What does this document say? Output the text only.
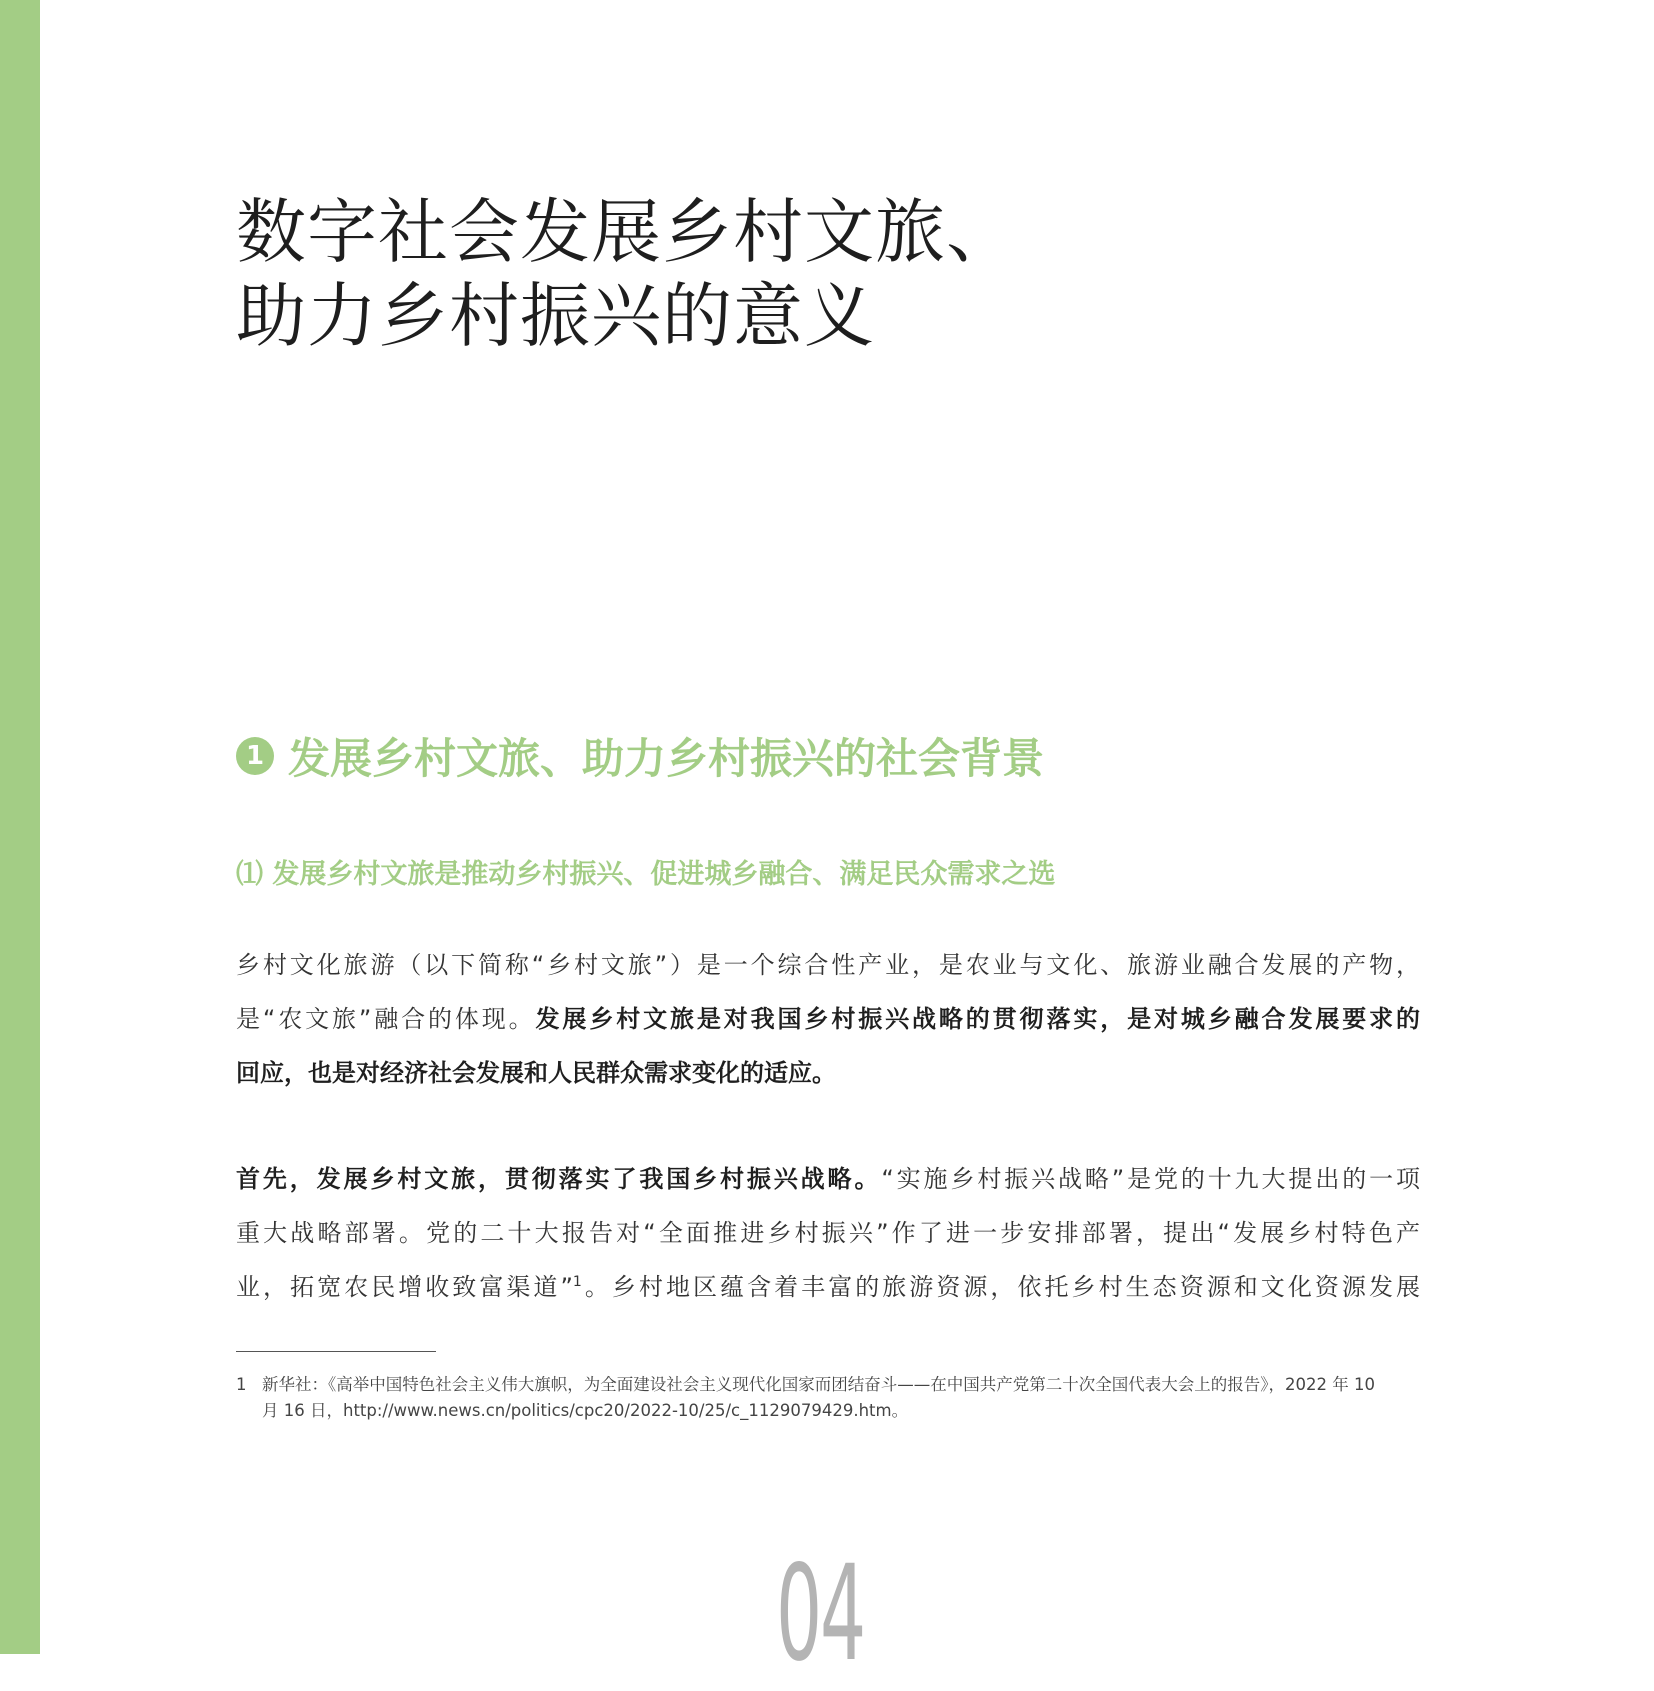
数字社会发展乡村文旅、
助力乡村振兴的意义
1 发展乡村文旅、助力乡村振兴的社会背景
⑴ 发展乡村文旅是推动乡村振兴、促进城乡融合、满足民众需求之选
乡村文化旅游（以下简称“乡村文旅”）是一个综合性产业，是农业与文化、旅游业融合发展的产物，
是“农文旅”融合的体现。发展乡村文旅是对我国乡村振兴战略的贯彻落实，是对城乡融合发展要求的
回应，也是对经济社会发展和人民群众需求变化的适应。
首先，发展乡村文旅，贯彻落实了我国乡村振兴战略。“实施乡村振兴战略”是党的十九大提出的一项
重大战略部署。党的二十大报告对“全面推进乡村振兴”作了进一步安排部署，提出“发展乡村特色产
业，拓宽农民增收致富渠道”$^1$。乡村地区蕴含着丰富的旅游资源，依托乡村生态资源和文化资源发展
1 新华社：《高举中国特色社会主义伟大旗帜，为全面建设社会主义现代化国家而团结奋斗——在中国共产党第二十次全国代表大会上的报告》，2022 年 10
月 16 日，http://www.news.cn/politics/cpc20/2022-10/25/c_1129079429.htm。
04
